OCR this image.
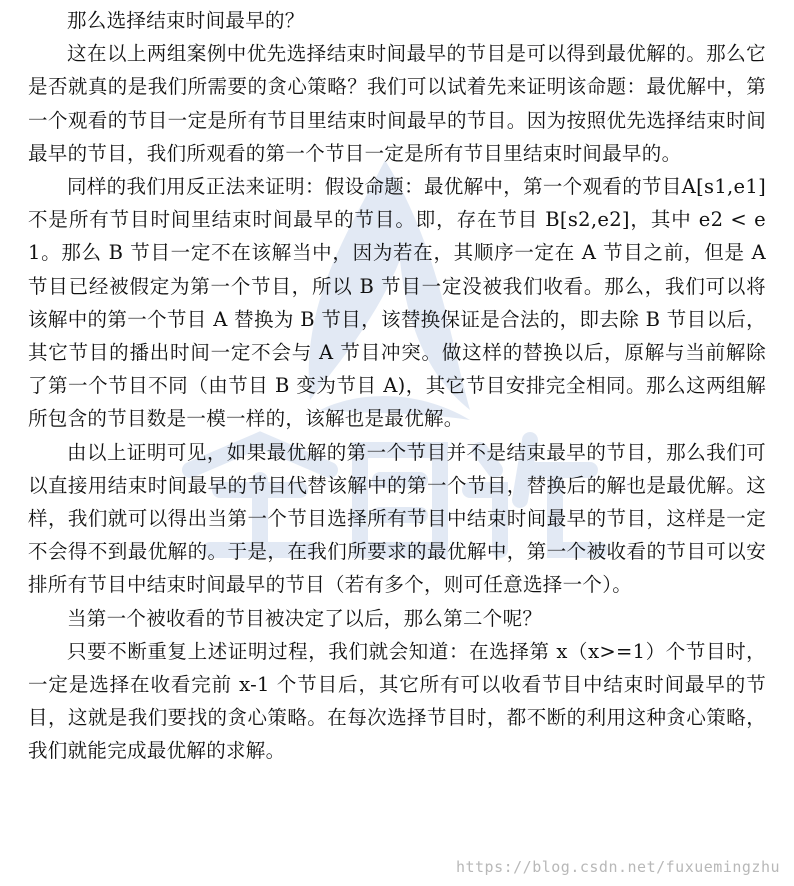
那么选择结束时间最早的？

这在以上两组案例中优先选择结束时间最早的节目是可以得到最优解的。那么它是否就真的是我们所需要的贪心策略？我们可以试着先来证明该命题：最优解中，第一个观看的节目一定是所有节目里结束时间最早的节目。因为按照优先选择结束时间最早的节目，我们所观看的第一个节目一定是所有节目里结束时间最早的。

同样的我们用反正法来证明：假设命题：最优解中，第一个观看的节目A[s1,e1]不是所有节目时间里结束时间最早的节目。即，存在节目 B[s2,e2]，其中 e2 < e1。那么 B 节目一定不在该解当中，因为若在，其顺序一定在 A 节目之前，但是 A 节目已经被假定为第一个节目，所以 B 节目一定没被我们收看。那么，我们可以将该解中的第一个节目 A 替换为 B 节目，该替换保证是合法的，即去除 B 节目以后，其它节目的播出时间一定不会与 A 节目冲突。做这样的替换以后，原解与当前解除了第一个节目不同（由节目 B 变为节目 A)，其它节目安排完全相同。那么这两组解所包含的节目数是一模一样的，该解也是最优解。

由以上证明可见，如果最优解的第一个节目并不是结束最早的节目，那么我们可以直接用结束时间最早的节目代替该解中的第一个节目，替换后的解也是最优解。这样，我们就可以得出当第一个节目选择所有节目中结束时间最早的节目，这样是一定不会得不到最优解的。于是，在我们所要求的最优解中，第一个被收看的节目可以安排所有节目中结束时间最早的节目（若有多个，则可任意选择一个）。

当第一个被收看的节目被决定了以后，那么第二个呢？

只要不断重复上述证明过程，我们就会知道：在选择第 x（x>=1）个节目时，一定是选择在收看完前 x-1 个节目后，其它所有可以收看节目中结束时间最早的节目，这就是我们要找的贪心策略。在每次选择节目时，都不断的利用这种贪心策略，我们就能完成最优解的求解。

https://blog.csdn.net/fuxuemingzhu
